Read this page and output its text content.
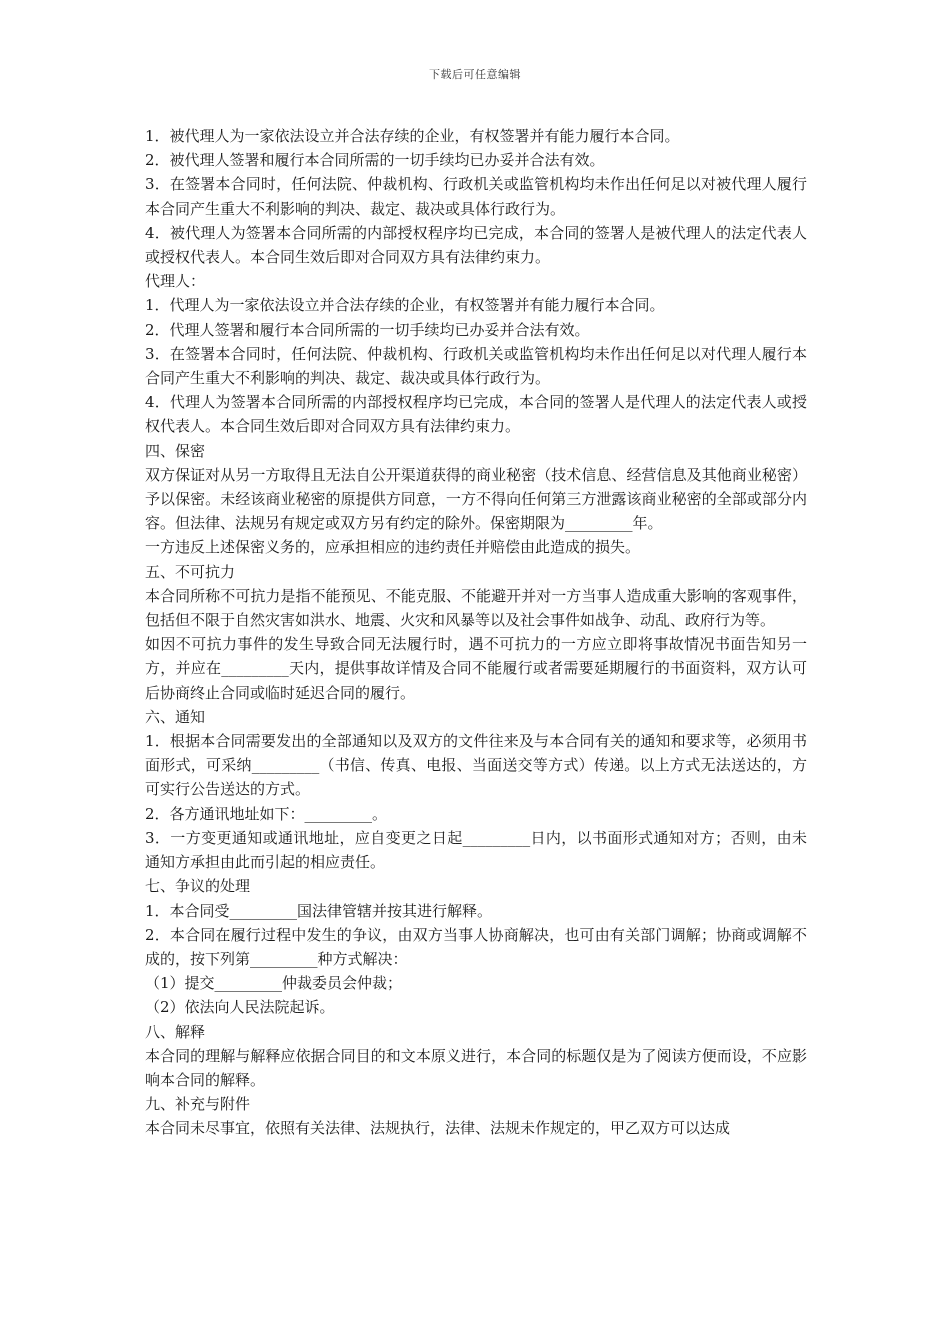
下载后可任意编辑

1．被代理人为一家依法设立并合法存续的企业，有权签署并有能力履行本合同。

2．被代理人签署和履行本合同所需的一切手续均已办妥并合法有效。

3．在签署本合同时，任何法院、仲裁机构、行政机关或监管机构均未作出任何足以对被代理人履行本合同产生重大不利影响的判决、裁定、裁决或具体行政行为。

4．被代理人为签署本合同所需的内部授权程序均已完成，本合同的签署人是被代理人的法定代表人或授权代表人。本合同生效后即对合同双方具有法律约束力。

代理人：

1．代理人为一家依法设立并合法存续的企业，有权签署并有能力履行本合同。

2．代理人签署和履行本合同所需的一切手续均已办妥并合法有效。

3．在签署本合同时，任何法院、仲裁机构、行政机关或监管机构均未作出任何足以对代理人履行本合同产生重大不利影响的判决、裁定、裁决或具体行政行为。

4．代理人为签署本合同所需的内部授权程序均已完成，本合同的签署人是代理人的法定代表人或授权代表人。本合同生效后即对合同双方具有法律约束力。

四、保密

双方保证对从另一方取得且无法自公开渠道获得的商业秘密（技术信息、经营信息及其他商业秘密）予以保密。未经该商业秘密的原提供方同意，一方不得向任何第三方泄露该商业秘密的全部或部分内容。但法律、法规另有规定或双方另有约定的除外。保密期限为_________年。

一方违反上述保密义务的，应承担相应的违约责任并赔偿由此造成的损失。

五、不可抗力

本合同所称不可抗力是指不能预见、不能克服、不能避开并对一方当事人造成重大影响的客观事件，包括但不限于自然灾害如洪水、地震、火灾和风暴等以及社会事件如战争、动乱、政府行为等。

如因不可抗力事件的发生导致合同无法履行时，遇不可抗力的一方应立即将事故情况书面告知另一方，并应在_________天内，提供事故详情及合同不能履行或者需要延期履行的书面资料，双方认可后协商终止合同或临时延迟合同的履行。

六、通知

1．根据本合同需要发出的全部通知以及双方的文件往来及与本合同有关的通知和要求等，必须用书面形式，可采纳_________（书信、传真、电报、当面送交等方式）传递。以上方式无法送达的，方可实行公告送达的方式。

2．各方通讯地址如下：_________。

3．一方变更通知或通讯地址，应自变更之日起_________日内，以书面形式通知对方；否则，由未通知方承担由此而引起的相应责任。

七、争议的处理

1．本合同受_________国法律管辖并按其进行解释。

2．本合同在履行过程中发生的争议，由双方当事人协商解决，也可由有关部门调解；协商或调解不成的，按下列第_________种方式解决：

（1）提交_________仲裁委员会仲裁；

（2）依法向人民法院起诉。

八、解释

本合同的理解与解释应依据合同目的和文本原义进行，本合同的标题仅是为了阅读方便而设，不应影响本合同的解释。

九、补充与附件

本合同未尽事宜，依照有关法律、法规执行，法律、法规未作规定的，甲乙双方可以达成
